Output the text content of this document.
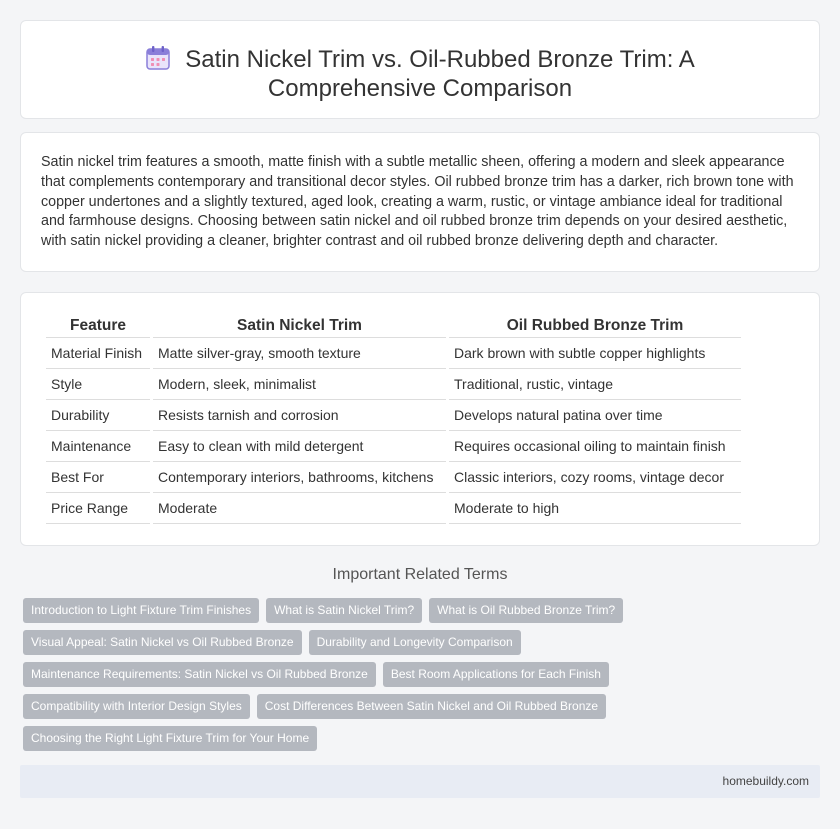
Satin Nickel Trim vs. Oil-Rubbed Bronze Trim: A Comprehensive Comparison

Satin nickel trim features a smooth, matte finish with a subtle metallic sheen, offering a modern and sleek appearance that complements contemporary and transitional decor styles. Oil rubbed bronze trim has a darker, rich brown tone with copper undertones and a slightly textured, aged look, creating a warm, rustic, or vintage ambiance ideal for traditional and farmhouse designs. Choosing between satin nickel and oil rubbed bronze trim depends on your desired aesthetic, with satin nickel providing a cleaner, brighter contrast and oil rubbed bronze delivering depth and character.

Feature	Satin Nickel Trim	Oil Rubbed Bronze Trim
Material Finish	Matte silver-gray, smooth texture	Dark brown with subtle copper highlights
Style	Modern, sleek, minimalist	Traditional, rustic, vintage
Durability	Resists tarnish and corrosion	Develops natural patina over time
Maintenance	Easy to clean with mild detergent	Requires occasional oiling to maintain finish
Best For	Contemporary interiors, bathrooms, kitchens	Classic interiors, cozy rooms, vintage decor
Price Range	Moderate	Moderate to high
Important Related Terms
Introduction to Light Fixture Trim Finishes	What is Satin Nickel Trim?	What is Oil Rubbed Bronze Trim?
Visual Appeal: Satin Nickel vs Oil Rubbed Bronze	Durability and Longevity Comparison
Maintenance Requirements: Satin Nickel vs Oil Rubbed Bronze	Best Room Applications for Each Finish
Compatibility with Interior Design Styles	Cost Differences Between Satin Nickel and Oil Rubbed Bronze
Choosing the Right Light Fixture Trim for Your Home
homebuildy.com
